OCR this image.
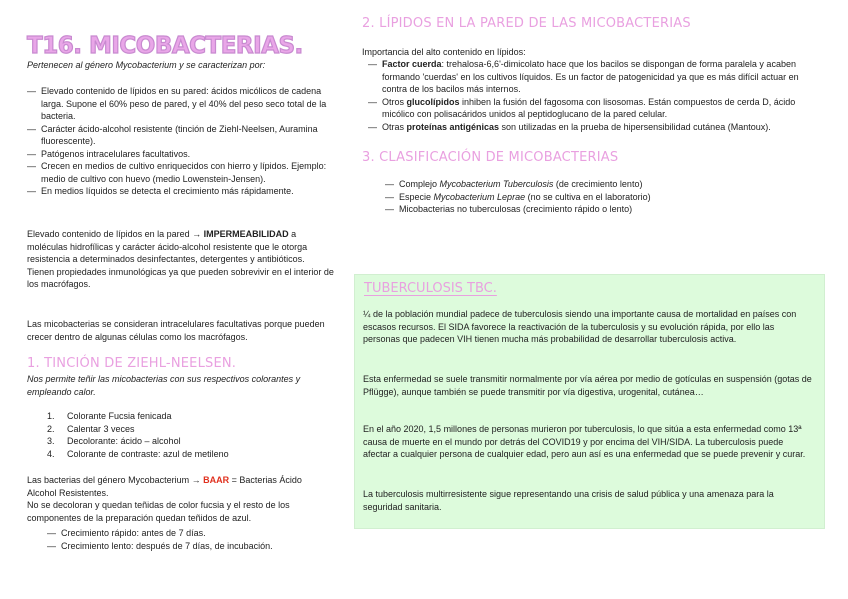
T16. MICOBACTERIAS.
Pertenecen al género Mycobacterium y se caracterizan por:
— Elevado contenido de lípidos en su pared: ácidos micólicos de cadena larga. Supone el 60% peso de pared, y el 40% del peso seco total de la bacteria.
— Carácter ácido-alcohol resistente (tinción de Ziehl-Neelsen, Auramina fluorescente).
— Patógenos intracelulares facultativos.
— Crecen en medios de cultivo enriquecidos con hierro y lípidos. Ejemplo: medio de cultivo con huevo (medio Lowenstein-Jensen).
— En medios líquidos se detecta el crecimiento más rápidamente.
Elevado contenido de lípidos en la pared → IMPERMEABILIDAD a moléculas hidrofílicas y carácter ácido-alcohol resistente que le otorga resistencia a determinados desinfectantes, detergentes y antibióticos.
Tienen propiedades inmunológicas ya que pueden sobrevivir en el interior de los macrófagos.
Las micobacterias se consideran intracelulares facultativas porque pueden crecer dentro de algunas células como los macrófagos.
1. TINCIÓN DE ZIEHL-NEELSEN.
Nos permite teñir las micobacterias con sus respectivos colorantes y empleando calor.
1. Colorante Fucsia fenicada
2. Calentar 3 veces
3. Decolorante: ácido – alcohol
4. Colorante de contraste: azul de metileno
Las bacterias del género Mycobacterium → BAAR = Bacterias Ácido Alcohol Resistentes.
No se decoloran y quedan teñidas de color fucsia y el resto de los componentes de la preparación quedan teñidos de azul.
— Crecimiento rápido: antes de 7 días.
— Crecimiento lento: después de 7 días, de incubación.
2. LÍPIDOS EN LA PARED DE LAS MICOBACTERIAS
Importancia del alto contenido en lípidos:
— Factor cuerda: trehalosa-6,6'-dimicolato hace que los bacilos se dispongan de forma paralela y acaben formando 'cuerdas' en los cultivos líquidos. Es un factor de patogenicidad ya que es más difícil actuar en contra de los bacilos más internos.
— Otros glucolípidos inhiben la fusión del fagosoma con lisosomas. Están compuestos de cerda D, ácido micólico con polisacáridos unidos al peptidoglucano de la pared celular.
— Otras proteínas antigénicas son utilizadas en la prueba de hipersensibilidad cutánea (Mantoux).
3. CLASIFICACIÓN DE MICOBACTERIAS
— Complejo Mycobacterium Tuberculosis (de crecimiento lento)
— Especie Mycobacterium Leprae (no se cultiva en el laboratorio)
— Micobacterias no tuberculosas (crecimiento rápido o lento)
TUBERCULOSIS TBC.

¼ de la población mundial padece de tuberculosis siendo una importante causa de mortalidad en países con escasos recursos. El SIDA favorece la reactivación de la tuberculosis y su evolución rápida, por ello las personas que padecen VIH tienen mucha más probabilidad de desarrollar tuberculosis activa.

Esta enfermedad se suele transmitir normalmente por vía aérea por medio de gotículas en suspensión (gotas de Pflügge), aunque también se puede transmitir por vía digestiva, urogenital, cutánea…

En el año 2020, 1,5 millones de personas murieron por tuberculosis, lo que sitúa a esta enfermedad como 13ª causa de muerte en el mundo por detrás del COVID19 y por encima del VIH/SIDA. La tuberculosis puede afectar a cualquier persona de cualquier edad, pero aun así es una enfermedad que se puede prevenir y curar.

La tuberculosis multirresistente sigue representando una crisis de salud pública y una amenaza para la seguridad sanitaria.
